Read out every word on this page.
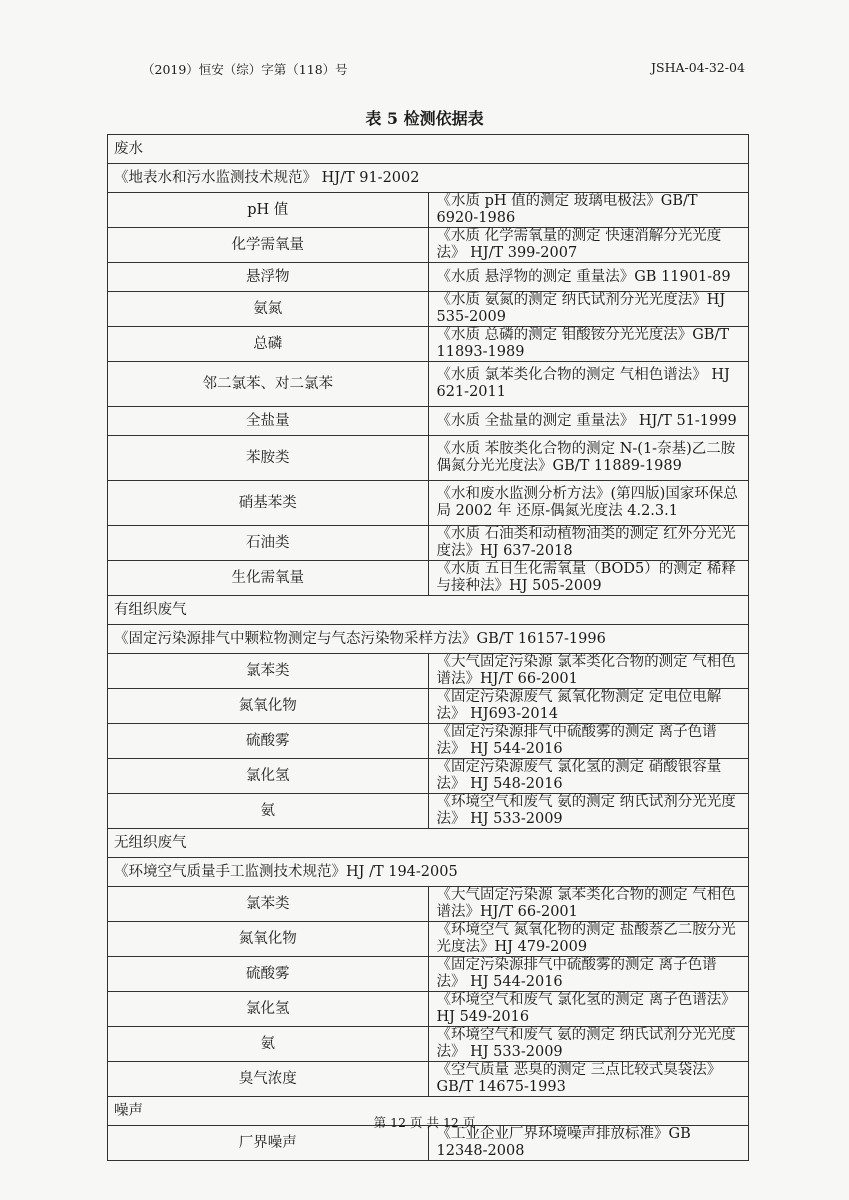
（2019）恒安（综）字第（118）号	JSHA-04-32-04
表 5 检测依据表
废水	
《地表水和污水监测技术规范》 HJ/T 91-2002	
pH 值	《水质 pH 值的测定 玻璃电极法》GB/T 6920-1986
化学需氧量	《水质 化学需氧量的测定 快速消解分光光度法》 HJ/T 399-2007
悬浮物	《水质 悬浮物的测定 重量法》GB 11901-89
氨氮	《水质 氨氮的测定 纳氏试剂分光光度法》HJ 535-2009
总磷	《水质 总磷的测定 钼酸铵分光光度法》GB/T 11893-1989
邻二氯苯、对二氯苯	《水质 氯苯类化合物的测定 气相色谱法》 HJ 621-2011
全盐量	《水质 全盐量的测定 重量法》 HJ/T 51-1999
苯胺类	《水质 苯胺类化合物的测定 N-(1-奈基)乙二胺偶氮分光光度法》GB/T 11889-1989
硝基苯类	《水和废水监测分析方法》(第四版)国家环保总局 2002 年 还原-偶氮光度法 4.2.3.1
石油类	《水质 石油类和动植物油类的测定 红外分光光度法》HJ 637-2018
生化需氧量	《水质 五日生化需氧量（BOD5）的测定 稀释与接种法》HJ 505-2009
有组织废气	
《固定污染源排气中颗粒物测定与气态污染物采样方法》GB/T 16157-1996	
氯苯类	《大气固定污染源 氯苯类化合物的测定 气相色谱法》HJ/T 66-2001
氮氧化物	《固定污染源废气 氮氧化物测定 定电位电解法》 HJ693-2014
硫酸雾	《固定污染源排气中硫酸雾的测定 离子色谱法》 HJ 544-2016
氯化氢	《固定污染源废气 氯化氢的测定 硝酸银容量法》 HJ 548-2016
氨	《环境空气和废气 氨的测定 纳氏试剂分光光度法》 HJ 533-2009
无组织废气	
《环境空气质量手工监测技术规范》HJ /T 194-2005	
氯苯类	《大气固定污染源 氯苯类化合物的测定 气相色谱法》HJ/T 66-2001
氮氧化物	《环境空气 氮氧化物的测定 盐酸萘乙二胺分光光度法》HJ 479-2009
硫酸雾	《固定污染源排气中硫酸雾的测定 离子色谱法》 HJ 544-2016
氯化氢	《环境空气和废气 氯化氢的测定 离子色谱法》 HJ 549-2016
氨	《环境空气和废气 氨的测定 纳氏试剂分光光度法》 HJ 533-2009
臭气浓度	《空气质量 恶臭的测定 三点比较式臭袋法》 GB/T 14675-1993
噪声	
厂界噪声	《工业企业厂界环境噪声排放标准》GB 12348-2008
第 12 页 共 12 页
